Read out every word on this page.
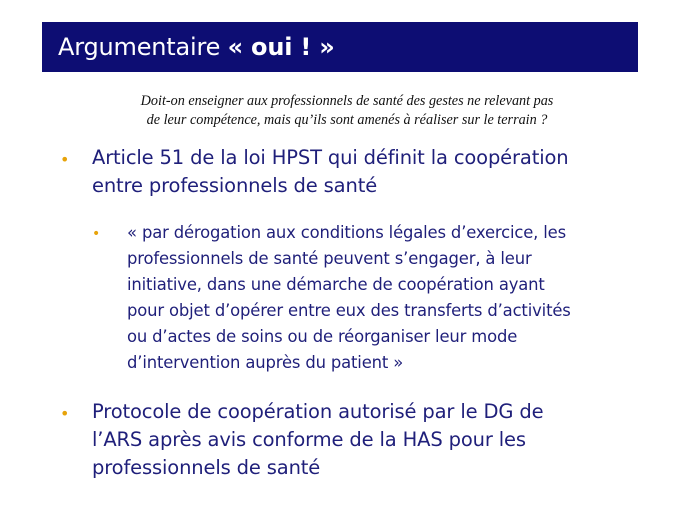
Argumentaire « oui ! »
Doit-on enseigner aux professionnels de santé des gestes ne relevant pas
de leur compétence, mais qu’ils sont amenés à réaliser sur le terrain ?
• Article 51 de la loi HPST qui définit la coopération
entre professionnels de santé
• « par dérogation aux conditions légales d’exercice, les
professionnels de santé peuvent s’engager, à leur
initiative, dans une démarche de coopération ayant
pour objet d’opérer entre eux des transferts d’activités
ou d’actes de soins ou de réorganiser leur mode
d’intervention auprès du patient »
• Protocole de coopération autorisé par le DG de
l’ARS après avis conforme de la HAS pour les
professionnels de santé
